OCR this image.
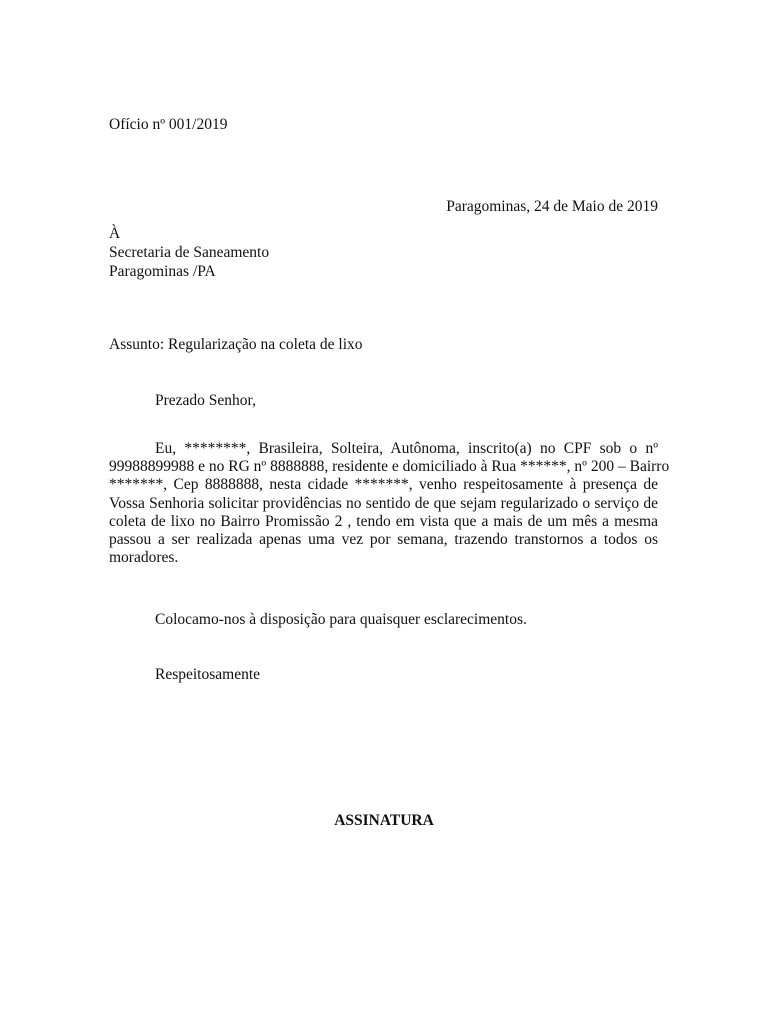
Ofício nº 001/2019
Paragominas, 24 de Maio de 2019
À
Secretaria de Saneamento
Paragominas /PA
Assunto: Regularização na coleta de lixo
Prezado Senhor,
Eu, ********, Brasileira, Solteira, Autônoma, inscrito(a) no CPF sob o nº
99988899988 e no RG nº 8888888, residente e domiciliado à Rua ******, nº 200 – Bairro
*******, Cep 8888888, nesta cidade *******, venho respeitosamente à presença de
Vossa Senhoria solicitar providências no sentido de que sejam regularizado o serviço de
coleta de lixo no Bairro Promissão 2 , tendo em vista que a mais de um mês a mesma
passou a ser realizada apenas uma vez por semana, trazendo transtornos a todos os
moradores.
Colocamo-nos à disposição para quaisquer esclarecimentos.
Respeitosamente
ASSINATURA
